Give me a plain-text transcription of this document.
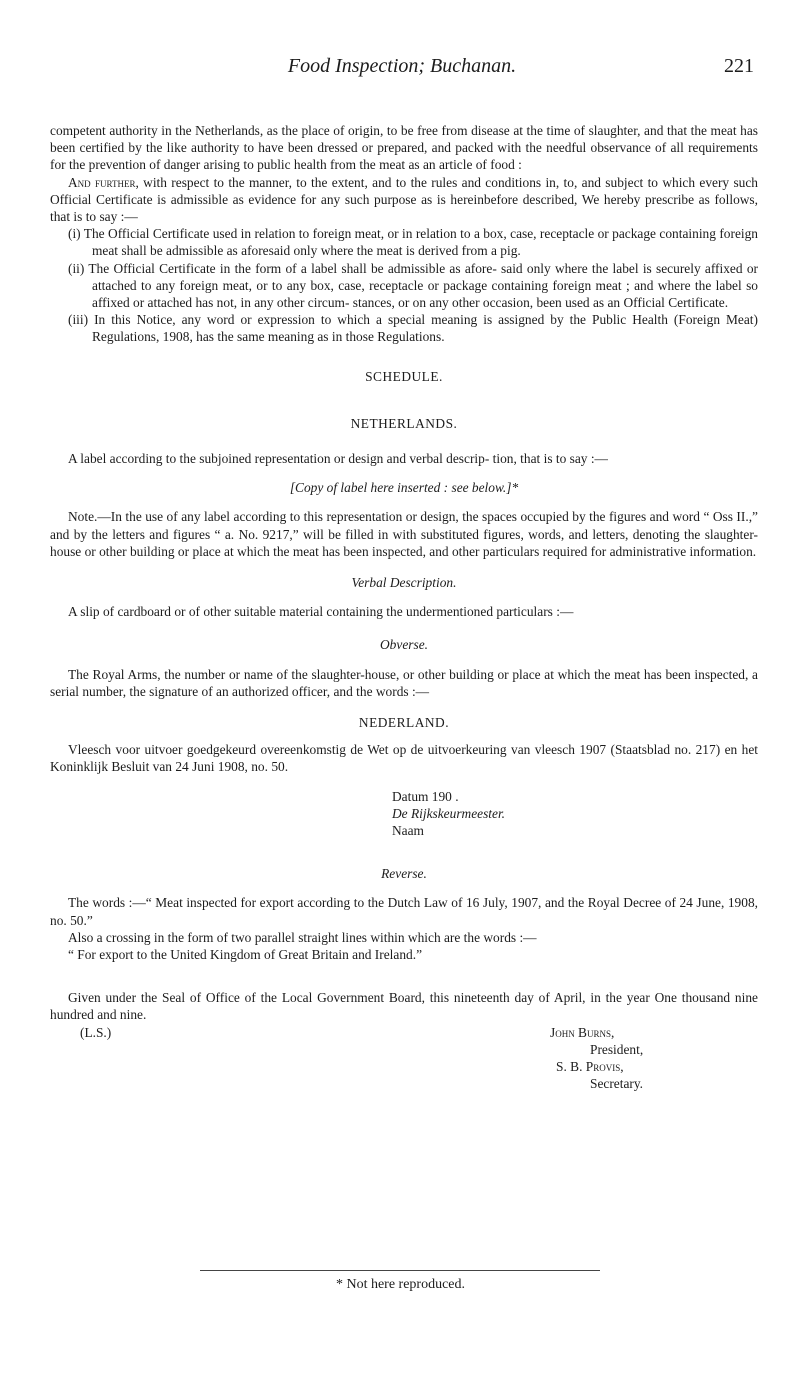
Food Inspection; Buchanan.	221

competent authority in the Netherlands, as the place of origin, to be free from disease at the time of slaughter, and that the meat has been certified by the like authority to have been dressed or prepared, and packed with the needful observance of all requirements for the prevention of danger arising to public health from the meat as an article of food :

And further, with respect to the manner, to the extent, and to the rules and conditions in, to, and subject to which every such Official Certificate is admissible as evidence for any such purpose as is hereinbefore described, We hereby prescribe as follows, that is to say :—

(i) The Official Certificate used in relation to foreign meat, or in relation to a box, case, receptacle or package containing foreign meat shall be admissible as aforesaid only where the meat is derived from a pig.

(ii) The Official Certificate in the form of a label shall be admissible as afore- said only where the label is securely affixed or attached to any foreign meat, or to any box, case, receptacle or package containing foreign meat ; and where the label so affixed or attached has not, in any other circum- stances, or on any other occasion, been used as an Official Certificate.

(iii) In this Notice, any word or expression to which a special meaning is assigned by the Public Health (Foreign Meat) Regulations, 1908, has the same meaning as in those Regulations.

SCHEDULE.

NETHERLANDS.

A label according to the subjoined representation or design and verbal descrip- tion, that is to say :—

[Copy of label here inserted : see below.]*

Note.—In the use of any label according to this representation or design, the spaces occupied by the figures and word “ Oss II.,” and by the letters and figures “ a. No. 9217,” will be filled in with substituted figures, words, and letters, denoting the slaughter-house or other building or place at which the meat has been inspected, and other particulars required for administrative information.

Verbal Description.

A slip of cardboard or of other suitable material containing the undermentioned particulars :—

Obverse.

The Royal Arms, the number or name of the slaughter-house, or other building or place at which the meat has been inspected, a serial number, the signature of an authorized officer, and the words :—

NEDERLAND.

Vleesch voor uitvoer goedgekeurd overeenkomstig de Wet op de uitvoerkeuring van vleesch 1907 (Staatsblad no. 217) en het Koninklijk Besluit van 24 Juni 1908, no. 50.

Datum 190 .
De Rijkskeurmeester.
Naam

Reverse.

The words :—“ Meat inspected for export according to the Dutch Law of 16 July, 1907, and the Royal Decree of 24 June, 1908, no. 50.”

Also a crossing in the form of two parallel straight lines within which are the words :—

“ For export to the United Kingdom of Great Britain and Ireland.”

Given under the Seal of Office of the Local Government Board, this nineteenth day of April, in the year One thousand nine hundred and nine.

(L.S.)	John Burns,
President,
S. B. Provis,
Secretary.
* Not here reproduced.
